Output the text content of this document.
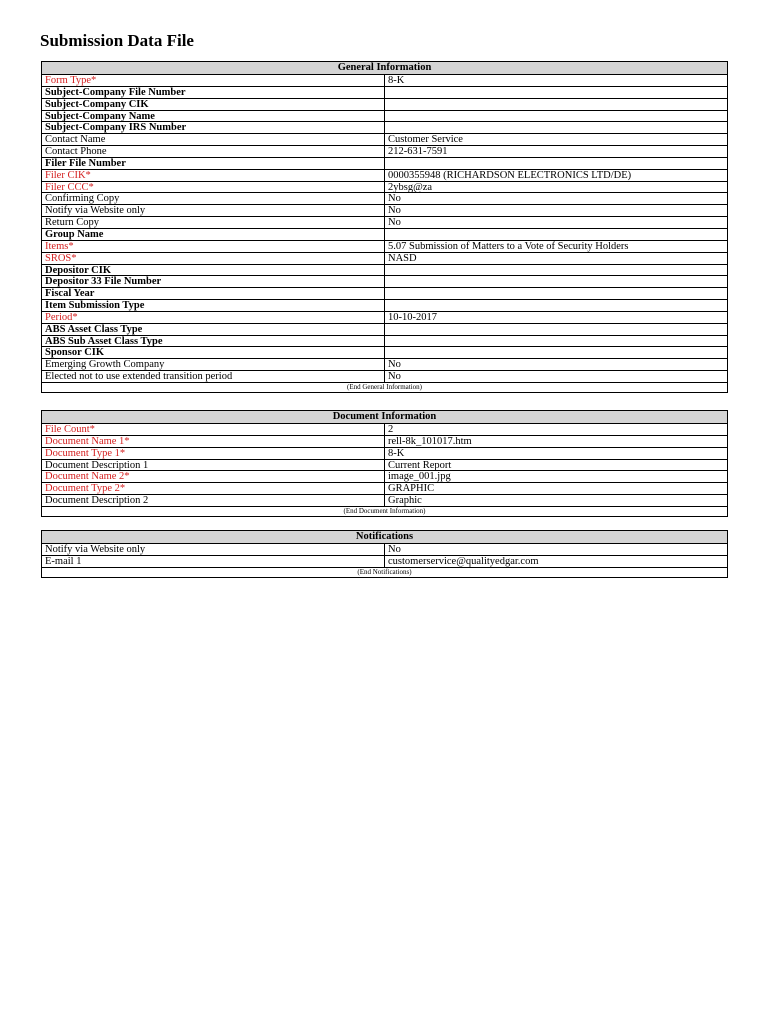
Submission Data File
General Information
Form Type*	8-K
Subject-Company File Number
Subject-Company CIK
Subject-Company Name
Subject-Company IRS Number
Contact Name	Customer Service
Contact Phone	212-631-7591
Filer File Number
Filer CIK*	0000355948 (RICHARDSON ELECTRONICS LTD/DE)
Filer CCC*	2ybsg@za
Confirming Copy	No
Notify via Website only	No
Return Copy	No
Group Name
Items*	5.07 Submission of Matters to a Vote of Security Holders
SROS*	NASD
Depositor CIK
Depositor 33 File Number
Fiscal Year
Item Submission Type
Period*	10-10-2017
ABS Asset Class Type
ABS Sub Asset Class Type
Sponsor CIK
Emerging Growth Company	No
Elected not to use extended transition period	No
(End General Information)
Document Information
File Count*	2
Document Name 1*	rell-8k_101017.htm
Document Type 1*	8-K
Document Description 1	Current Report
Document Name 2*	image_001.jpg
Document Type 2*	GRAPHIC
Document Description 2	Graphic
(End Document Information)
Notifications
Notify via Website only	No
E-mail 1	customerservice@qualityedgar.com
(End Notifications)
